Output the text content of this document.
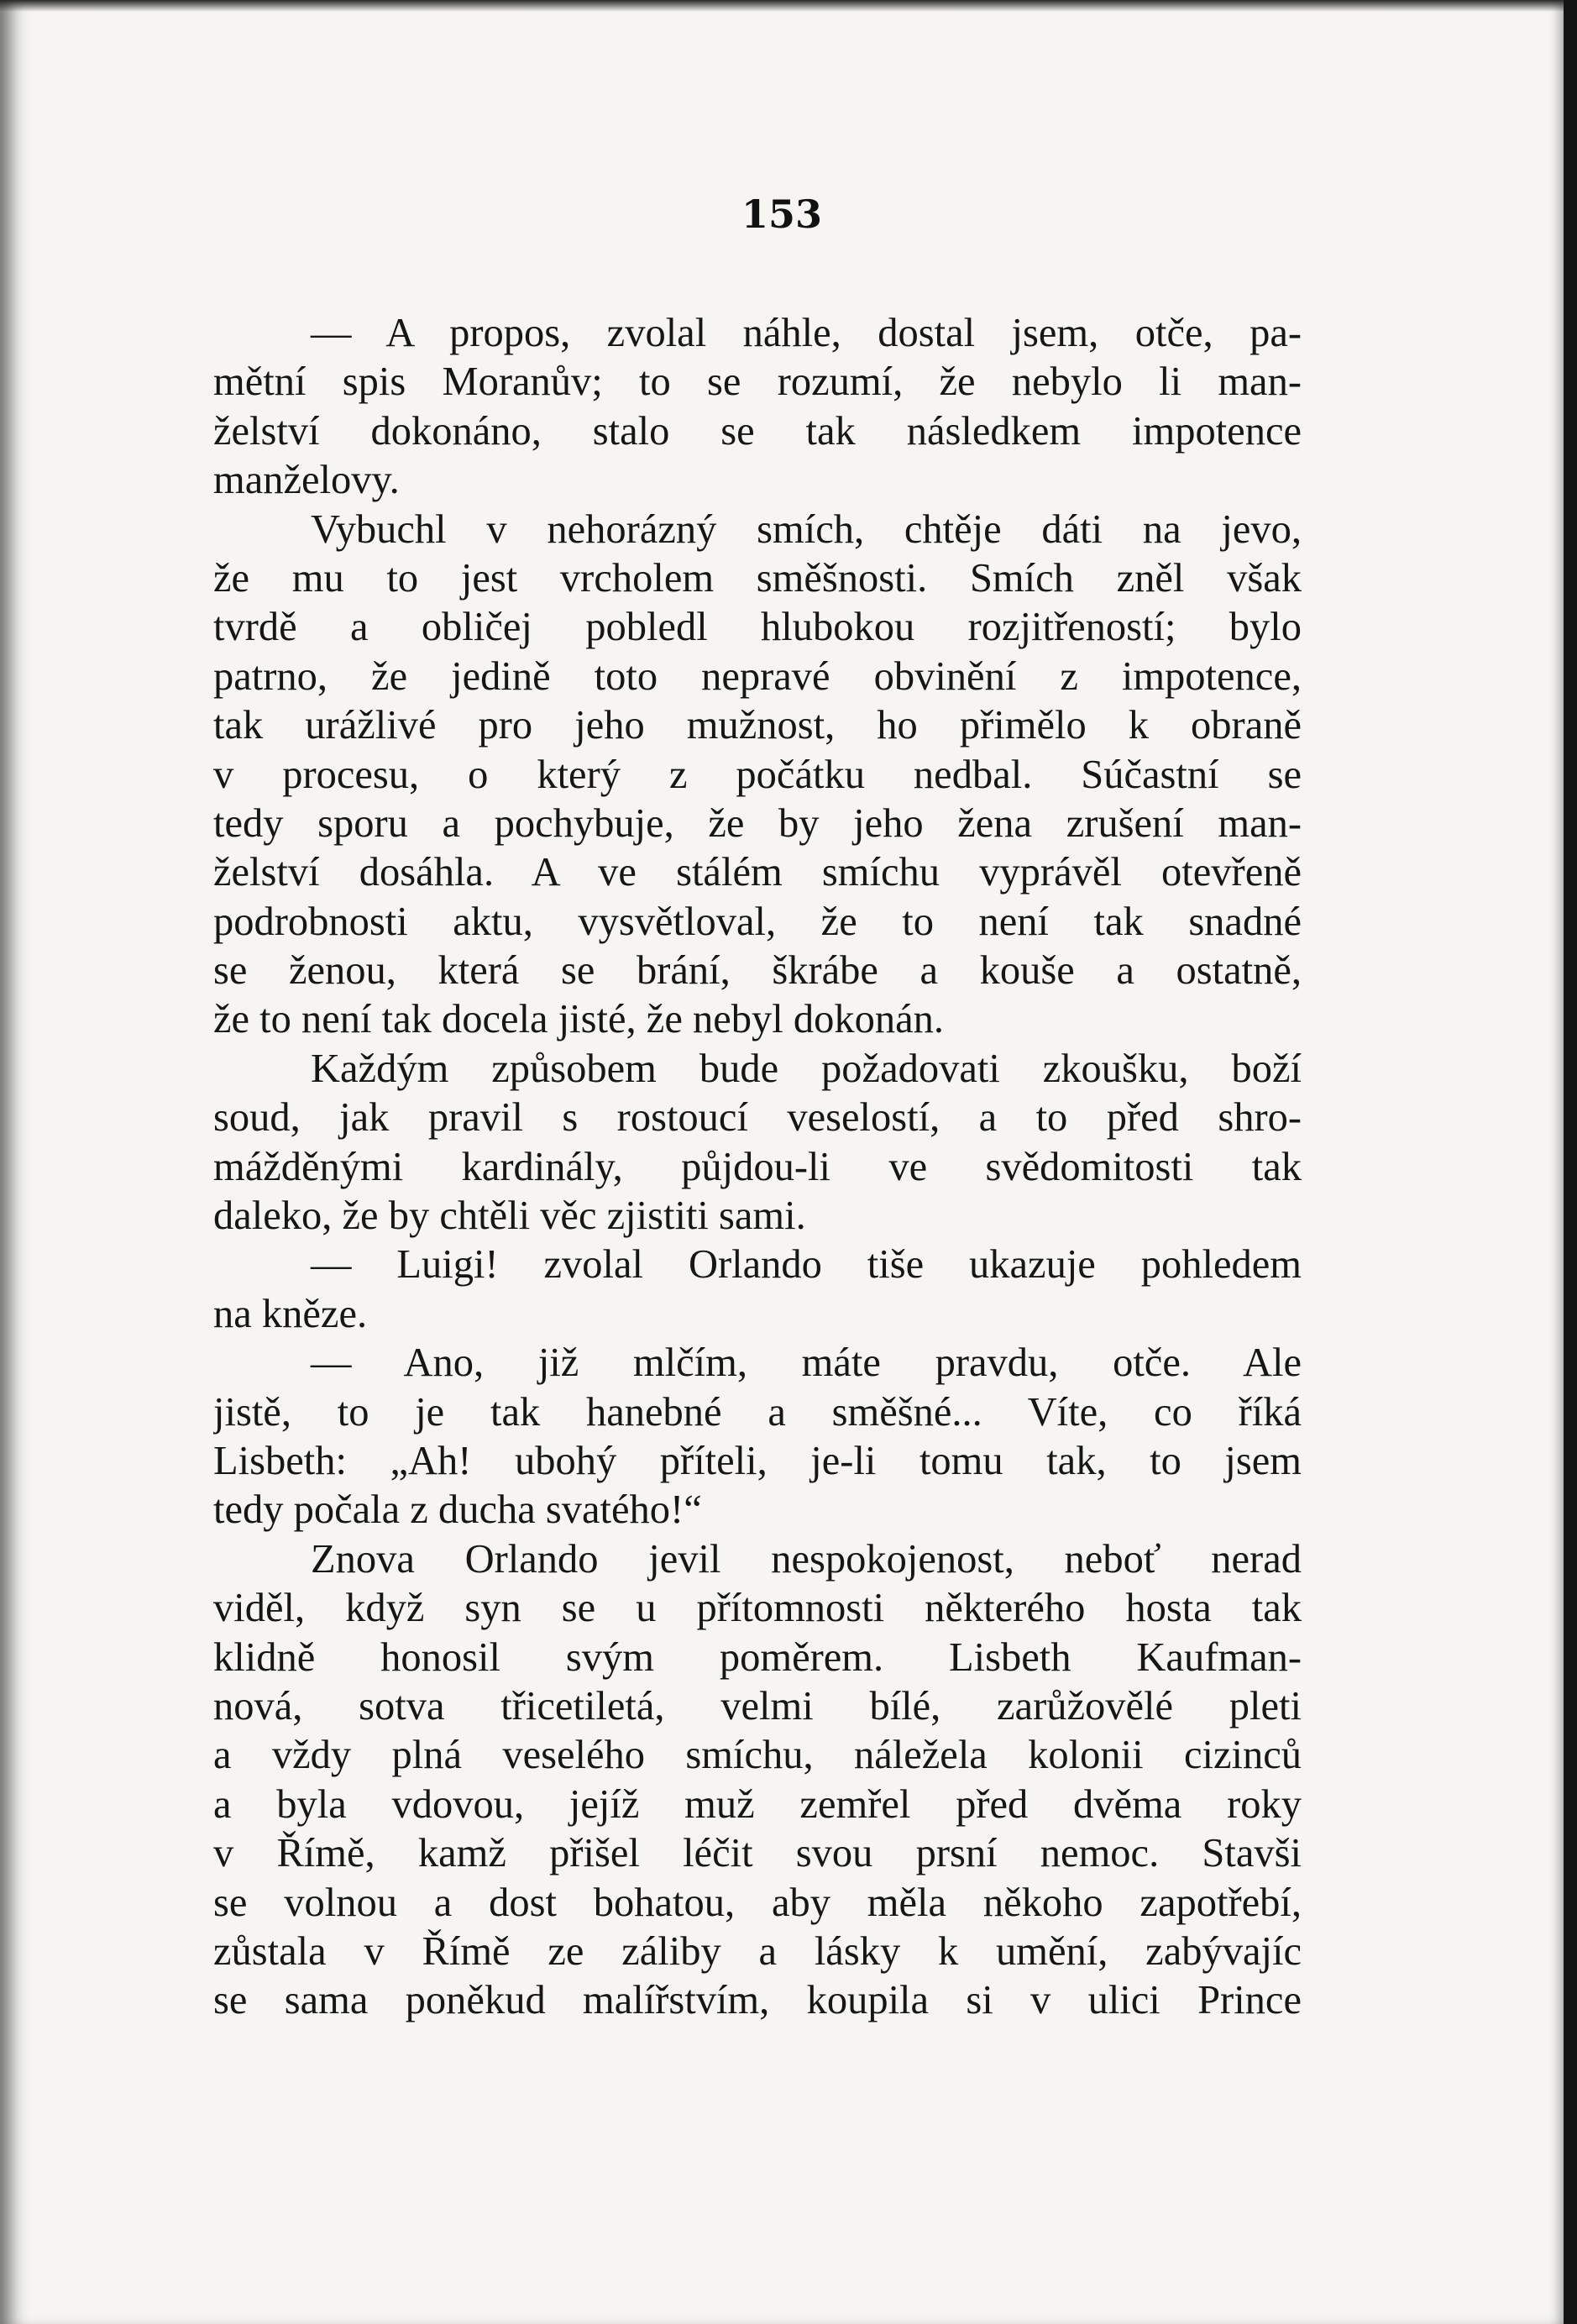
153
— A propos, zvolal náhle, dostal jsem, otče, pa-
mětní spis Moranův; to se rozumí, že nebylo li man-
želství dokonáno, stalo se tak následkem impotence
manželovy.
Vybuchl v nehorázný smích, chtěje dáti na jevo,
že mu to jest vrcholem směšnosti. Smích zněl však
tvrdě a obličej pobledl hlubokou rozjitřeností; bylo
patrno, že jedině toto nepravé obvinění z impotence,
tak urážlivé pro jeho mužnost, ho přimělo k obraně
v procesu, o který z počátku nedbal. Súčastní se
tedy sporu a pochybuje, že by jeho žena zrušení man-
želství dosáhla. A ve stálém smíchu vyprávěl otevřeně
podrobnosti aktu, vysvětloval, že to není tak snadné
se ženou, která se brání, škrábe a kouše a ostatně,
že to není tak docela jisté, že nebyl dokonán.
Každým způsobem bude požadovati zkoušku, boží
soud, jak pravil s rostoucí veselostí, a to před shro-
mážděnými kardinály, půjdou-li ve svědomitosti tak
daleko, že by chtěli věc zjistiti sami.
— Luigi! zvolal Orlando tiše ukazuje pohledem
na kněze.
— Ano, již mlčím, máte pravdu, otče. Ale
jistě, to je tak hanebné a směšné... Víte, co říká
Lisbeth: „Ah! ubohý příteli, je-li tomu tak, to jsem
tedy počala z ducha svatého!“
Znova Orlando jevil nespokojenost, neboť nerad
viděl, když syn se u přítomnosti některého hosta tak
klidně honosil svým poměrem. Lisbeth Kaufman-
nová, sotva třicetiletá, velmi bílé, zarůžovělé pleti
a vždy plná veselého smíchu, náležela kolonii cizinců
a byla vdovou, jejíž muž zemřel před dvěma roky
v Římě, kamž přišel léčit svou prsní nemoc. Stavši
se volnou a dost bohatou, aby měla někoho zapotřebí,
zůstala v Římě ze záliby a lásky k umění, zabývajíc
se sama poněkud malířstvím, koupila si v ulici Prince
